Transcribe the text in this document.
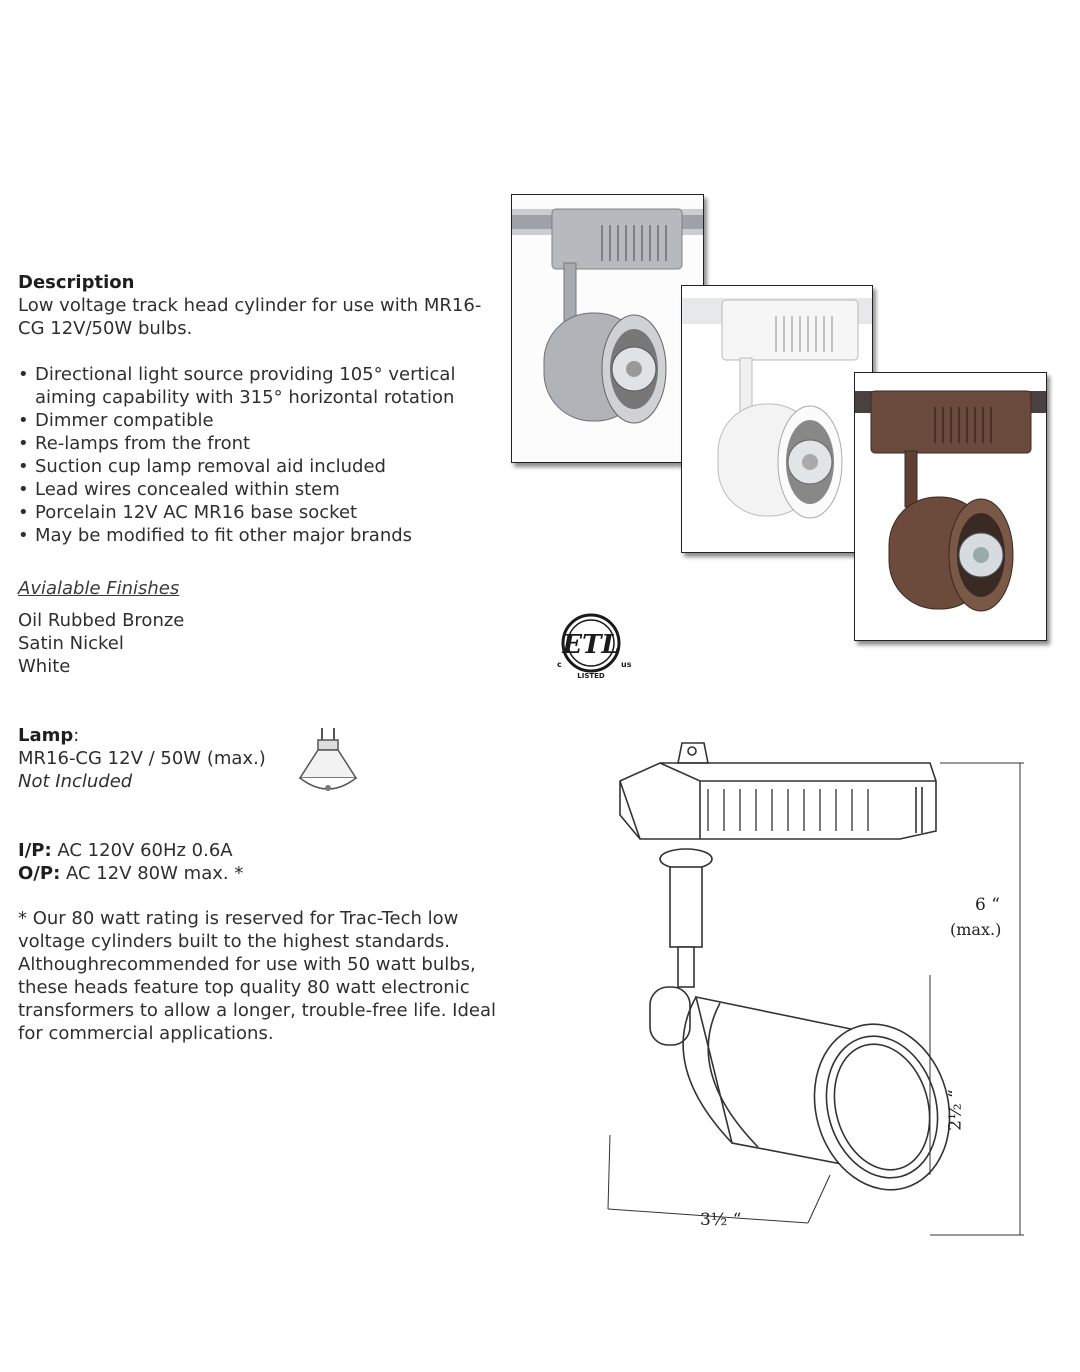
Description
Low voltage track head cylinder for use with MR16-CG 12V/50W bulbs.
• Directional light source providing 105° vertical aiming capability with 315° horizontal rotation
• Dimmer compatible
• Re-lamps from the front
• Suction cup lamp removal aid included
• Lead wires concealed within stem
• Porcelain 12V AC MR16 base socket
• May be modified to fit other major brands
Avialable Finishes
Oil Rubbed Bronze
Satin Nickel
White
Lamp:
MR16-CG 12V / 50W (max.)
Not Included
I/P: AC 120V 60Hz 0.6A
O/P: AC 12V 80W max. *
* Our 80 watt rating is reserved for Trac-Tech low voltage cylinders built to the highest standards. Althoughrecommended for use with 50 watt bulbs, these heads feature top quality 80 watt electronic transformers to allow a longer, trouble-free life. Ideal for commercial applications.
ETL
c	us
LISTED
6 “
(max.)
2½ “
3½ “
